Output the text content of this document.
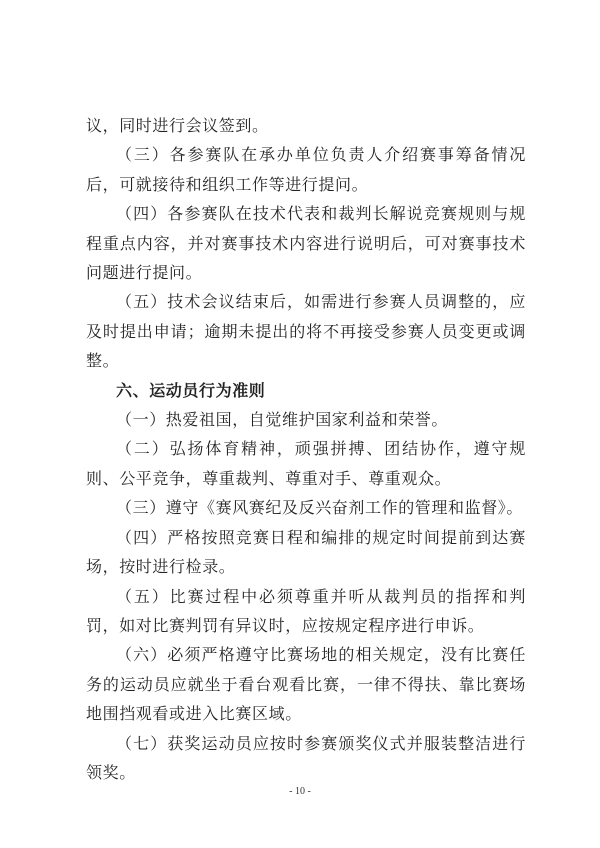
议，同时进行会议签到。

（三）各参赛队在承办单位负责人介绍赛事筹备情况后，可就接待和组织工作等进行提问。

（四）各参赛队在技术代表和裁判长解说竞赛规则与规程重点内容，并对赛事技术内容进行说明后，可对赛事技术问题进行提问。

（五）技术会议结束后，如需进行参赛人员调整的，应及时提出申请；逾期未提出的将不再接受参赛人员变更或调整。

六、运动员行为准则

（一）热爱祖国，自觉维护国家利益和荣誉。

（二）弘扬体育精神，顽强拼搏、团结协作，遵守规则、公平竞争，尊重裁判、尊重对手、尊重观众。

（三）遵守《赛风赛纪及反兴奋剂工作的管理和监督》。

（四）严格按照竞赛日程和编排的规定时间提前到达赛场，按时进行检录。

（五）比赛过程中必须尊重并听从裁判员的指挥和判罚，如对比赛判罚有异议时，应按规定程序进行申诉。

（六）必须严格遵守比赛场地的相关规定，没有比赛任务的运动员应就坐于看台观看比赛，一律不得扶、靠比赛场地围挡观看或进入比赛区域。

（七）获奖运动员应按时参赛颁奖仪式并服装整洁进行领奖。

- 10 -
